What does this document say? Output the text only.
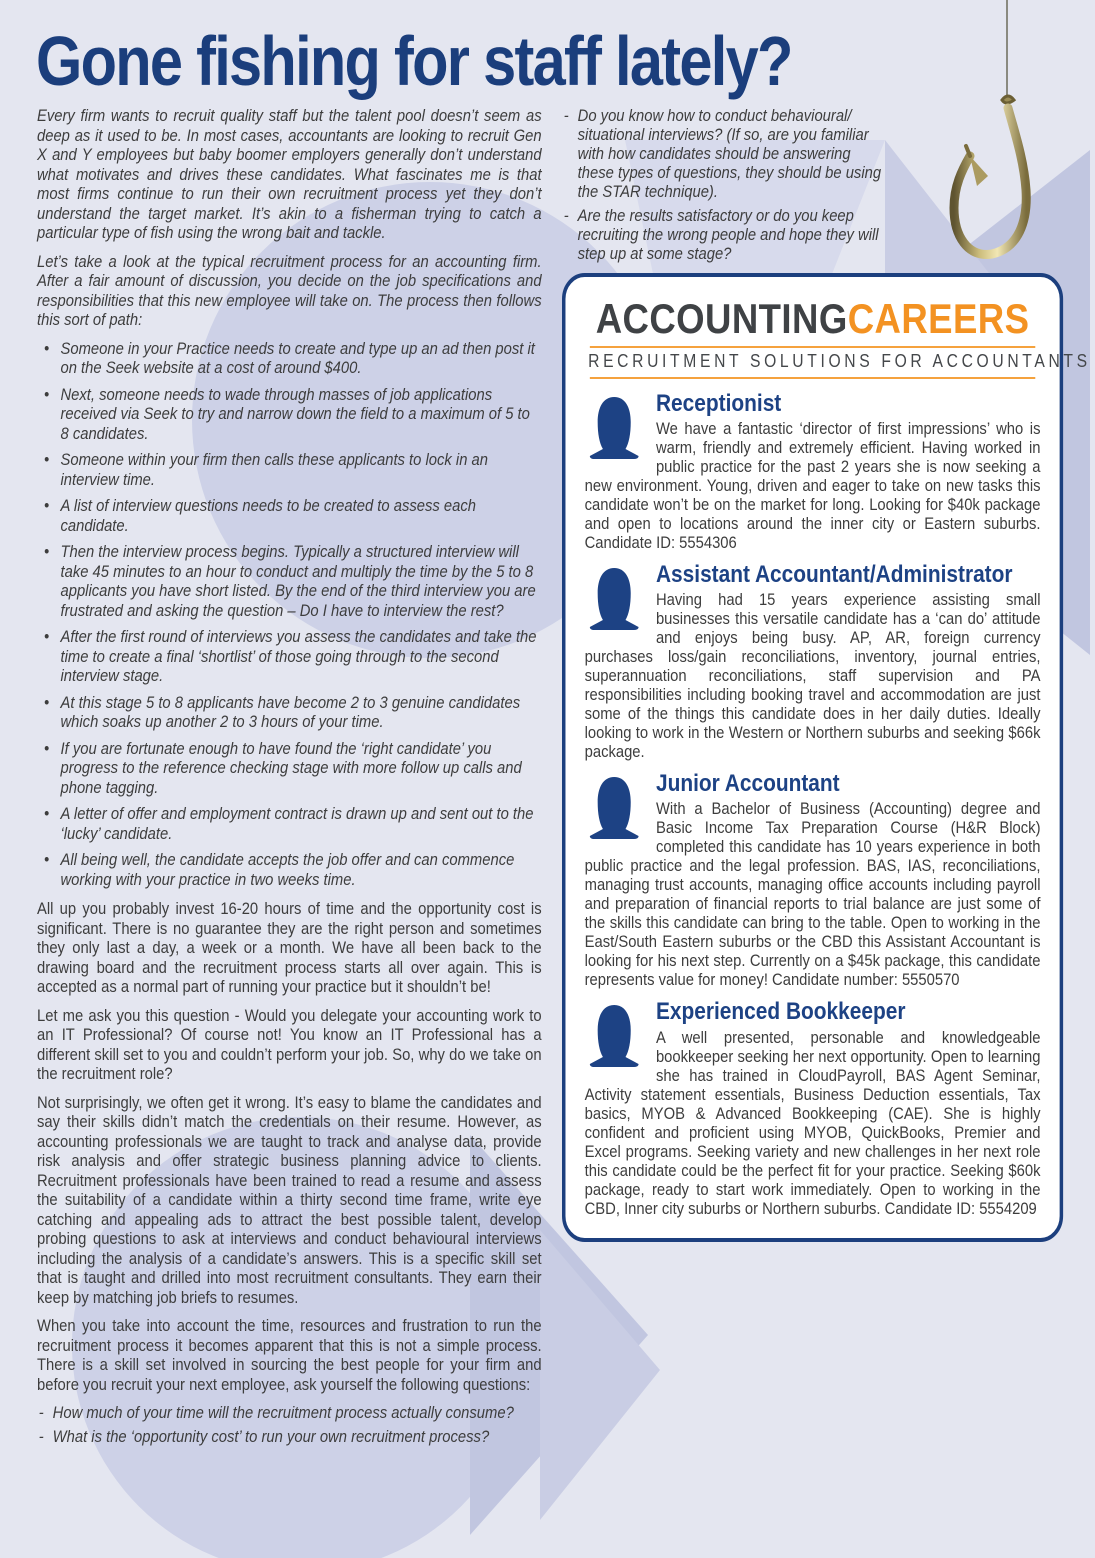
Gone fishing for staff lately?

Every firm wants to recruit quality staff but the talent pool doesn’t seem as deep as it used to be. In most cases, accountants are looking to recruit Gen X and Y employees but baby boomer employers generally don’t understand what motivates and drives these candidates. What fascinates me is that most firms continue to run their own recruitment process yet they don’t understand the target market. It’s akin to a fisherman trying to catch a particular type of fish using the wrong bait and tackle.

Let’s take a look at the typical recruitment process for an accounting firm. After a fair amount of discussion, you decide on the job specifications and responsibilities that this new employee will take on. The process then follows this sort of path:

• Someone in your Practice needs to create and type up an ad then post it on the Seek website at a cost of around $400.
• Next, someone needs to wade through masses of job applications received via Seek to try and narrow down the field to a maximum of 5 to 8 candidates.
• Someone within your firm then calls these applicants to lock in an interview time.
• A list of interview questions needs to be created to assess each candidate.
• Then the interview process begins. Typically a structured interview will take 45 minutes to an hour to conduct and multiply the time by the 5 to 8 applicants you have short listed. By the end of the third interview you are frustrated and asking the question – Do I have to interview the rest?
• After the first round of interviews you assess the candidates and take the time to create a final ‘shortlist’ of those going through to the second interview stage.
• At this stage 5 to 8 applicants have become 2 to 3 genuine candidates which soaks up another 2 to 3 hours of your time.
• If you are fortunate enough to have found the ‘right candidate’ you progress to the reference checking stage with more follow up calls and phone tagging.
• A letter of offer and employment contract is drawn up and sent out to the ‘lucky’ candidate.
• All being well, the candidate accepts the job offer and can commence working with your practice in two weeks time.

All up you probably invest 16-20 hours of time and the opportunity cost is significant. There is no guarantee they are the right person and sometimes they only last a day, a week or a month. We have all been back to the drawing board and the recruitment process starts all over again. This is accepted as a normal part of running your practice but it shouldn’t be!

Let me ask you this question - Would you delegate your accounting work to an IT Professional? Of course not! You know an IT Professional has a different skill set to you and couldn’t perform your job. So, why do we take on the recruitment role?

Not surprisingly, we often get it wrong. It’s easy to blame the candidates and say their skills didn’t match the credentials on their resume. However, as accounting professionals we are taught to track and analyse data, provide risk analysis and offer strategic business planning advice to clients. Recruitment professionals have been trained to read a resume and assess the suitability of a candidate within a thirty second time frame, write eye catching and appealing ads to attract the best possible talent, develop probing questions to ask at interviews and conduct behavioural interviews including the analysis of a candidate’s answers. This is a specific skill set that is taught and drilled into most recruitment consultants. They earn their keep by matching job briefs to resumes.

When you take into account the time, resources and frustration to run the recruitment process it becomes apparent that this is not a simple process. There is a skill set involved in sourcing the best people for your firm and before you recruit your next employee, ask yourself the following questions:

- How much of your time will the recruitment process actually consume?
- What is the ‘opportunity cost’ to run your own recruitment process?
- Do you know how to conduct behavioural/ situational interviews? (If so, are you familiar with how candidates should be answering these types of questions, they should be using the STAR technique).
- Are the results satisfactory or do you keep recruiting the wrong people and hope they will step up at some stage?
ACCOUNTINGCAREERS
RECRUITMENT SOLUTIONS FOR ACCOUNTANTS
Receptionist

We have a fantastic ‘director of first impressions’ who is warm, friendly and extremely efficient. Having worked in public practice for the past 2 years she is now seeking a new environment. Young, driven and eager to take on new tasks this candidate won’t be on the market for long. Looking for $40k package and open to locations around the inner city or Eastern suburbs. Candidate ID: 5554306

Assistant Accountant/Administrator

Having had 15 years experience assisting small businesses this versatile candidate has a ‘can do’ attitude and enjoys being busy. AP, AR, foreign currency purchases loss/gain reconciliations, inventory, journal entries, superannuation reconciliations, staff supervision and PA responsibilities including booking travel and accommodation are just some of the things this candidate does in her daily duties. Ideally looking to work in the Western or Northern suburbs and seeking $66k package.

Junior Accountant

With a Bachelor of Business (Accounting) degree and Basic Income Tax Preparation Course (H&R Block) completed this candidate has 10 years experience in both public practice and the legal profession. BAS, IAS, reconciliations, managing trust accounts, managing office accounts including payroll and preparation of financial reports to trial balance are just some of the skills this candidate can bring to the table. Open to working in the East/South Eastern suburbs or the CBD this Assistant Accountant is looking for his next step. Currently on a $45k package, this candidate represents value for money! Candidate number: 5550570

Experienced Bookkeeper

A well presented, personable and knowledgeable bookkeeper seeking her next opportunity. Open to learning she has trained in CloudPayroll, BAS Agent Seminar, Activity statement essentials, Business Deduction essentials, Tax basics, MYOB & Advanced Bookkeeping (CAE). She is highly confident and proficient using MYOB, QuickBooks, Premier and Excel programs. Seeking variety and new challenges in her next role this candidate could be the perfect fit for your practice. Seeking $60k package, ready to start work immediately. Open to working in the CBD, Inner city suburbs or Northern suburbs. Candidate ID: 5554209
